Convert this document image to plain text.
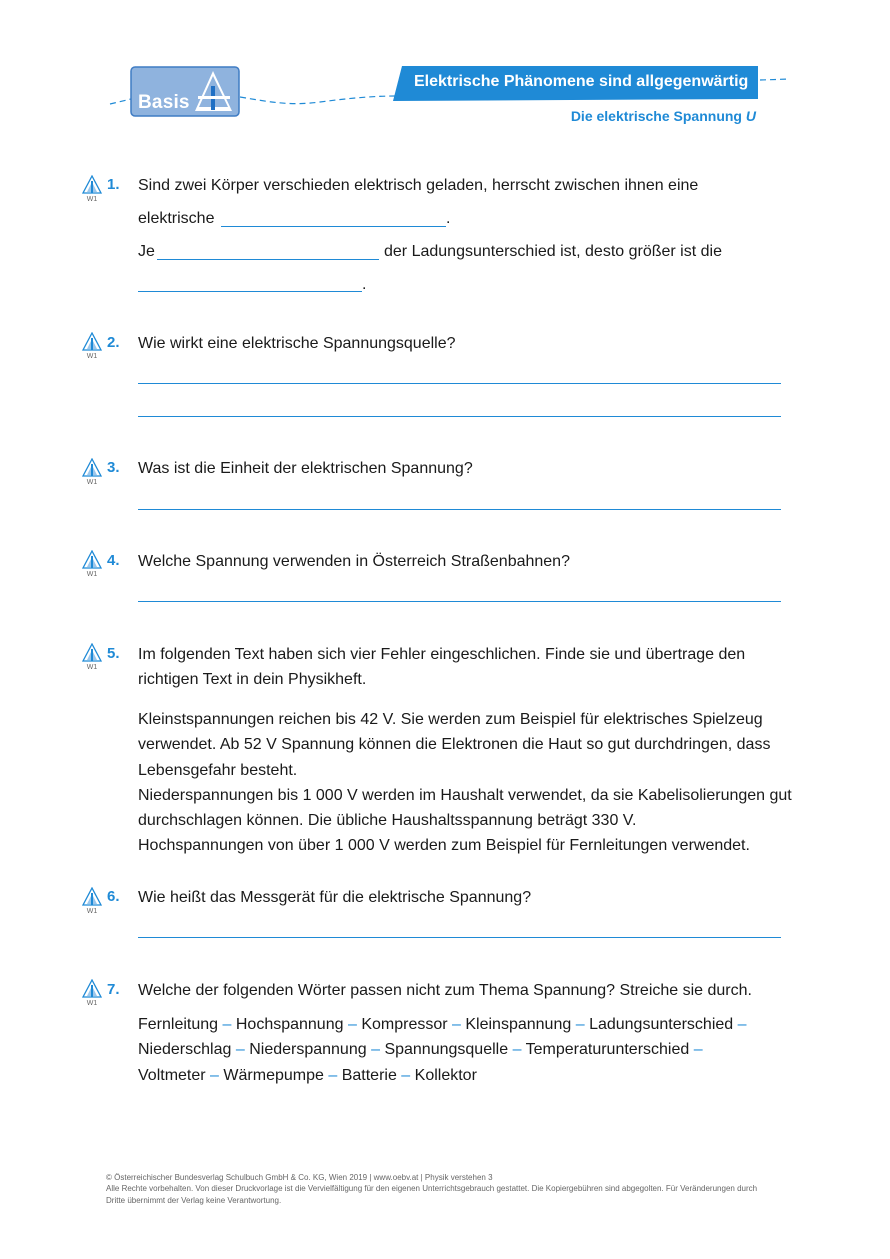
Basis
Elektrische Phänomene sind allgegenwärtig
Die elektrische Spannung U
W1
1. Sind zwei Körper verschieden elektrisch geladen, herrscht zwischen ihnen eine
elektrische	.
Je	der Ladungsunterschied ist, desto größer ist die
.
W1
2. Wie wirkt eine elektrische Spannungsquelle?
W1
3. Was ist die Einheit der elektrischen Spannung?
W1
4. Welche Spannung verwenden in Österreich Straßenbahnen?
W1
5. Im folgenden Text haben sich vier Fehler eingeschlichen. Finde sie und übertrage den richtigen Text in dein Physikheft.
Kleinstspannungen reichen bis 42 V. Sie werden zum Beispiel für elektrisches Spielzeug verwendet. Ab 52 V Spannung können die Elektronen die Haut so gut durchdringen, dass Lebensgefahr besteht.
Niederspannungen bis 1 000 V werden im Haushalt verwendet, da sie Kabelisolierungen gut durchschlagen können. Die übliche Haushaltsspannung beträgt 330 V.
Hochspannungen von über 1 000 V werden zum Beispiel für Fernleitungen verwendet.
W1
6. Wie heißt das Messgerät für die elektrische Spannung?
W1
7. Welche der folgenden Wörter passen nicht zum Thema Spannung? Streiche sie durch.
Fernleitung – Hochspannung – Kompressor – Kleinspannung – Ladungsunterschied –
Niederschlag – Niederspannung – Spannungsquelle – Temperaturunterschied –
Voltmeter – Wärmepumpe – Batterie – Kollektor
© Österreichischer Bundesverlag Schulbuch GmbH & Co. KG, Wien 2019 | www.oebv.at | Physik verstehen 3
Alle Rechte vorbehalten. Von dieser Druckvorlage ist die Vervielfältigung für den eigenen Unterrichtsgebrauch gestattet. Die Kopiergebühren sind abgegolten. Für Veränderungen durch Dritte übernimmt der Verlag keine Verantwortung.
